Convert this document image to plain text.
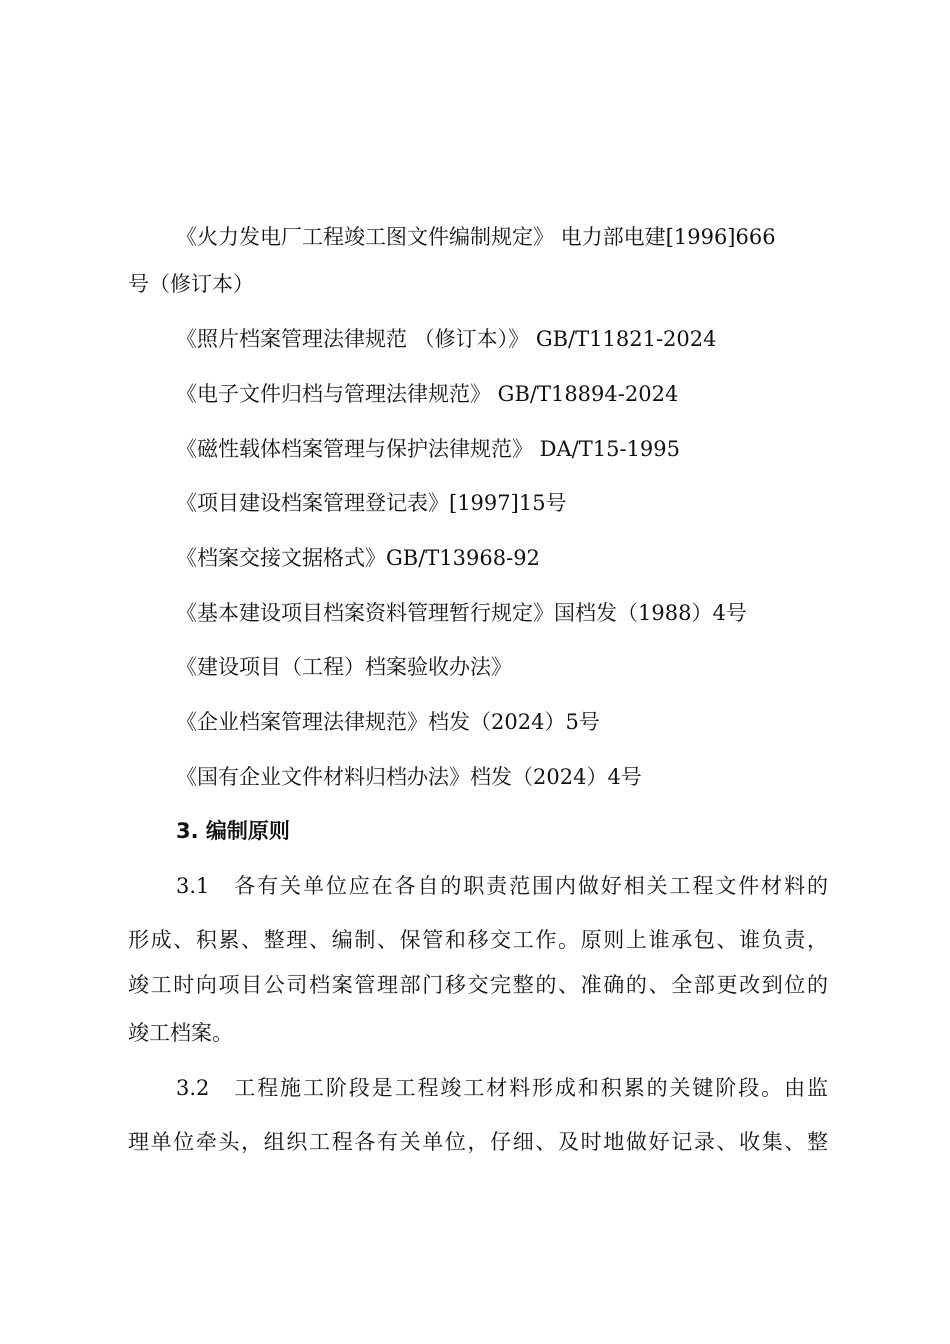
《火力发电厂工程竣工图文件编制规定》 电力部电建[1996]666
号（修订本）
《照片档案管理法律规范 （修订本）》 GB/T11821-2024
《电子文件归档与管理法律规范》 GB/T18894-2024
《磁性载体档案管理与保护法律规范》 DA/T15-1995
《项目建设档案管理登记表》[1997]15号
《档案交接文据格式》GB/T13968-92
《基本建设项目档案资料管理暂行规定》国档发（1988）4号
《建设项目（工程）档案验收办法》
《企业档案管理法律规范》档发（2024）5号
《国有企业文件材料归档办法》档发（2024）4号
3. 编制原则
3.1　各有关单位应在各自的职责范围内做好相关工程文件材料的
形成、积累、整理、编制、保管和移交工作。原则上谁承包、谁负责，
竣工时向项目公司档案管理部门移交完整的、准确的、全部更改到位的
竣工档案。
3.2　工程施工阶段是工程竣工材料形成和积累的关键阶段。由监
理单位牵头，组织工程各有关单位，仔细、及时地做好记录、收集、整
